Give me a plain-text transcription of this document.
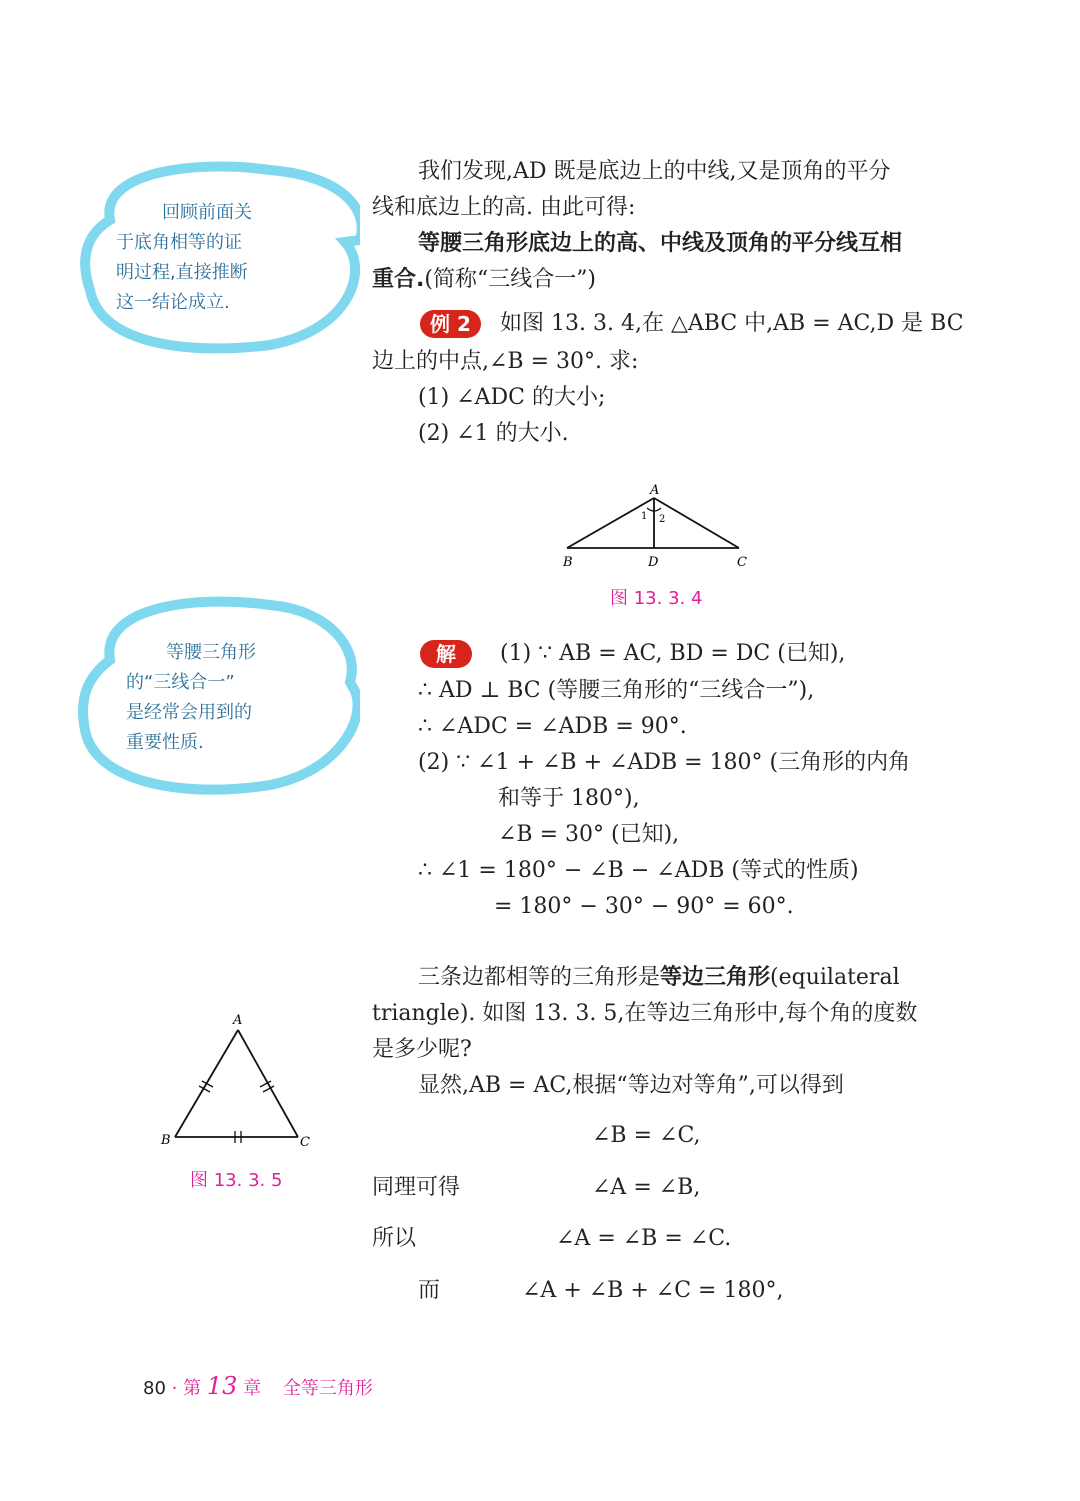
回顾前面关
于底角相等的证
明过程,直接推断
这一结论成立.
等腰三角形
的“三线合一”
是经常会用到的
重要性质.
我们发现,AD 既是底边上的中线,又是顶角的平分
线和底边上的高. 由此可得:
等腰三角形底边上的高、中线及顶角的平分线互相
重合.(简称“三线合一”)
例 2	如图 13. 3. 4,在 △ABC 中,AB = AC,D 是 BC
边上的中点,∠B = 30°. 求:
(1) ∠ADC 的大小;
(2) ∠1 的大小.
A
B	D	C
1 2
图 13. 3. 4
解	(1) ∵ AB = AC, BD = DC (已知),
∴ AD ⊥ BC (等腰三角形的“三线合一”),
∴ ∠ADC = ∠ADB = 90°.
(2) ∵ ∠1 + ∠B + ∠ADB = 180° (三角形的内角
和等于 180°),
∠B = 30° (已知),
∴ ∠1 = 180° − ∠B − ∠ADB (等式的性质)
= 180° − 30° − 90° = 60°.
三条边都相等的三角形是等边三角形(equilateral
triangle). 如图 13. 3. 5,在等边三角形中,每个角的度数
是多少呢?
显然,AB = AC,根据“等边对等角”,可以得到
∠B = ∠C,
同理可得	∠A = ∠B,
所以	∠A = ∠B = ∠C.
而	∠A + ∠B + ∠C = 180°,
A
B	C
图 13. 3. 5
80 · 第 13 章 全等三角形
